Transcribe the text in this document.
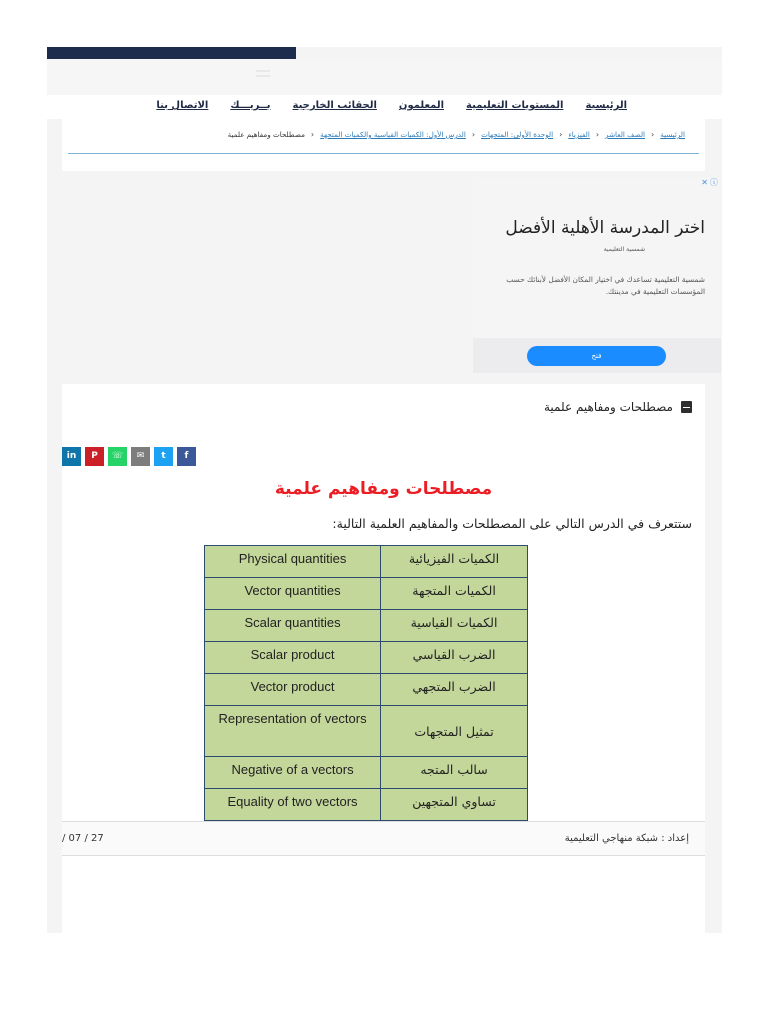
الرئيسية
المستويات التعليمية
المعلمون
الحقائب الخارجية
بــريـــك
الاتصال بنا
الرئيسية
‹
الصف العاشر
‹
الفيزياء
‹
الوحدة الأولى: المتجهات
‹
الدرس الأول: الكميات القياسية والكميات المتجهة
‹
مصطلحات ومفاهيم علمية
✕ ⓘ
اختر المدرسة الأهلية الأفضل
شمسية التعليمية
شمسية التعليمية تساعدك في اختيار المكان الأفضل لأبنائك حسب المؤسسات التعليمية في مدينتك.
فتح
مصطلحات ومفاهيم علمية
in	P	☏	✉	t	f
مصطلحات ومفاهيم علمية
ستتعرف في الدرس التالي على المصطلحات والمفاهيم العلمية التالية:
Physical quantities	الكميات الفيزيائية
Vector quantities	الكميات المتجهة
Scalar quantities	الكميات القياسية
Scalar product	الضرب القياسي
Vector product	الضرب المتجهي
Representation of vectors	تمثيل المتجهات
Negative of a vectors	سالب المتجه
Equality of two vectors	تساوي المتجهين
إعداد : شبكة منهاجي التعليمية
/ 07 / 27
